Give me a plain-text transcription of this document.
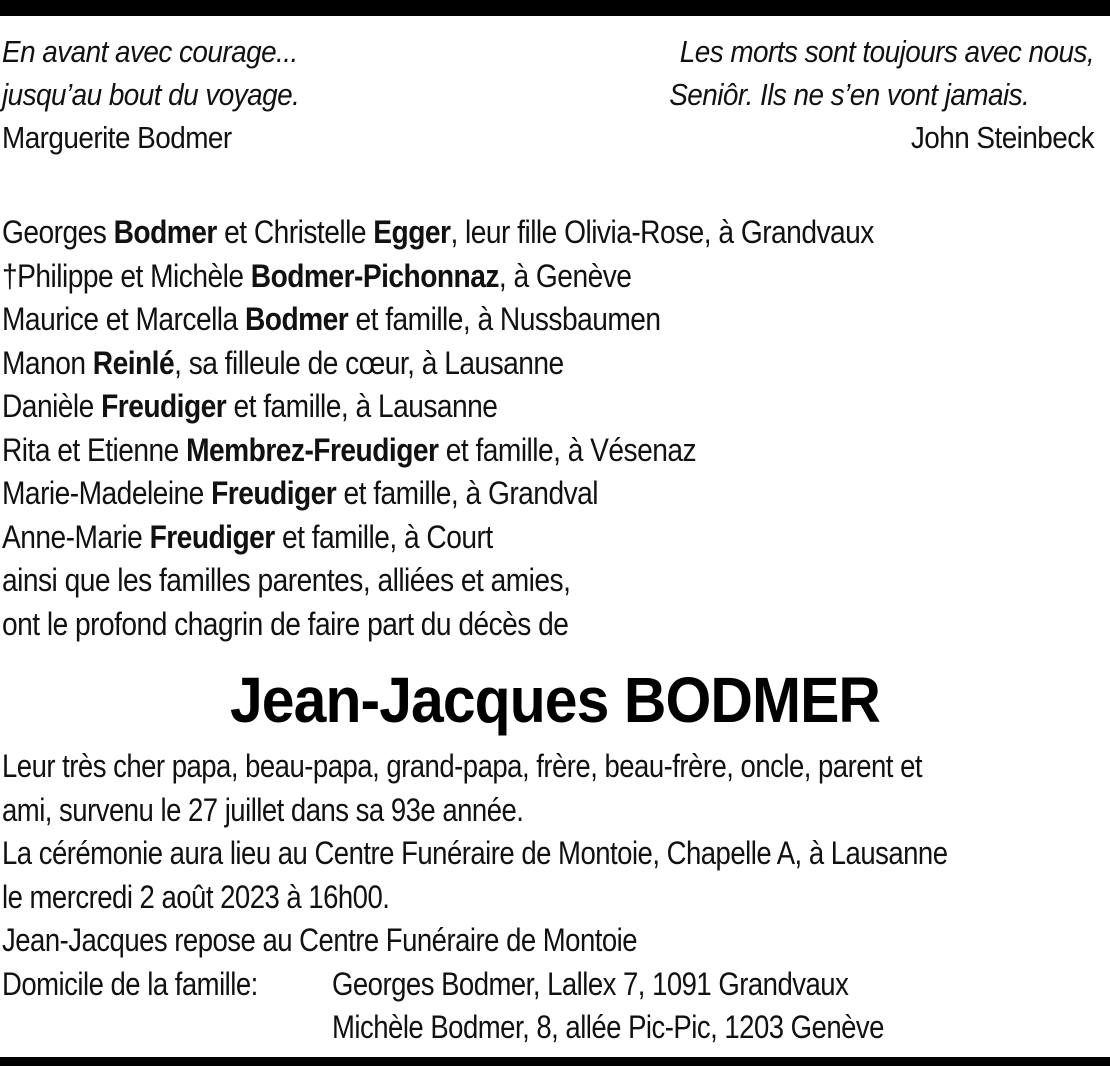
En avant avec courage...
jusqu’au bout du voyage.
Marguerite Bodmer
Les morts sont toujours avec nous,
Seniôr. Ils ne s’en vont jamais.
John Steinbeck
Georges Bodmer et Christelle Egger, leur fille Olivia-Rose, à Grandvaux
†Philippe et Michèle Bodmer-Pichonnaz, à Genève
Maurice et Marcella Bodmer et famille, à Nussbaumen
Manon Reinlé, sa filleule de cœur, à Lausanne
Danièle Freudiger et famille, à Lausanne
Rita et Etienne Membrez-Freudiger et famille, à Vésenaz
Marie-Madeleine Freudiger et famille, à Grandval
Anne-Marie Freudiger et famille, à Court
ainsi que les familles parentes, alliées et amies,
ont le profond chagrin de faire part du décès de
Jean-Jacques BODMER
Leur très cher papa, beau-papa, grand-papa, frère, beau-frère, oncle, parent et
ami, survenu le 27 juillet dans sa 93e année.
La cérémonie aura lieu au Centre Funéraire de Montoie, Chapelle A, à Lausanne
le mercredi 2 août 2023 à 16h00.
Jean-Jacques repose au Centre Funéraire de Montoie
Domicile de la famille: Georges Bodmer, Lallex 7, 1091 Grandvaux
Michèle Bodmer, 8, allée Pic-Pic, 1203 Genève
